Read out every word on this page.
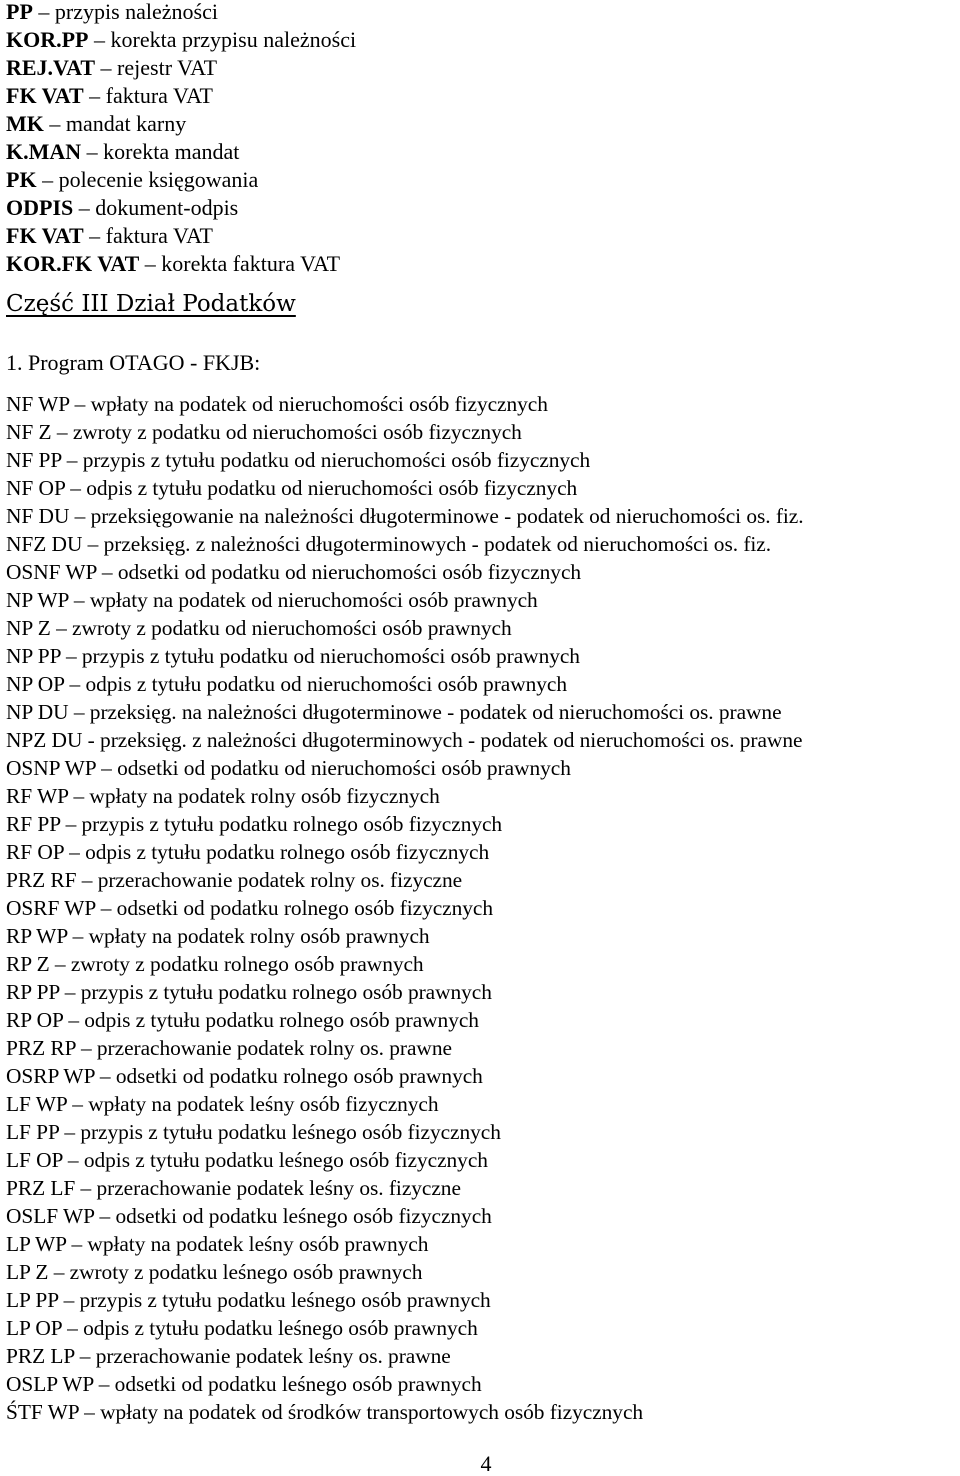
PP – przypis należności
KOR.PP – korekta przypisu należności
REJ.VAT – rejestr VAT
FK VAT – faktura VAT
MK – mandat karny
K.MAN – korekta mandat
PK – polecenie księgowania
ODPIS – dokument-odpis
FK VAT – faktura VAT
KOR.FK VAT – korekta faktura VAT
Część III Dział Podatków
1. Program OTAGO - FKJB:
NF WP – wpłaty na podatek od nieruchomości osób fizycznych
NF Z – zwroty z podatku od nieruchomości osób fizycznych
NF PP – przypis z tytułu podatku od nieruchomości osób fizycznych
NF OP – odpis z tytułu podatku od nieruchomości osób fizycznych
NF DU – przeksięgowanie na należności długoterminowe - podatek od nieruchomości os. fiz.
NFZ DU – przeksięg. z należności długoterminowych - podatek od nieruchomości os. fiz.
OSNF WP – odsetki od podatku od nieruchomości osób fizycznych
NP WP – wpłaty na podatek od nieruchomości osób prawnych
NP Z – zwroty z podatku od nieruchomości osób prawnych
NP PP – przypis z tytułu podatku od nieruchomości osób prawnych
NP OP – odpis z tytułu podatku od nieruchomości osób prawnych
NP DU – przeksięg. na należności długoterminowe - podatek od nieruchomości os. prawne
NPZ DU - przeksięg. z należności długoterminowych - podatek od nieruchomości os. prawne
OSNP WP – odsetki od podatku od nieruchomości osób prawnych
RF WP – wpłaty na podatek rolny osób fizycznych
RF PP – przypis z tytułu podatku rolnego osób fizycznych
RF OP – odpis z tytułu podatku rolnego osób fizycznych
PRZ RF – przerachowanie podatek rolny os. fizyczne
OSRF WP – odsetki od podatku rolnego osób fizycznych
RP WP – wpłaty na podatek rolny osób prawnych
RP Z – zwroty z podatku rolnego osób prawnych
RP PP – przypis z tytułu podatku rolnego osób prawnych
RP OP – odpis z tytułu podatku rolnego osób prawnych
PRZ RP – przerachowanie podatek rolny os. prawne
OSRP WP – odsetki od podatku rolnego osób prawnych
LF WP – wpłaty na podatek leśny osób fizycznych
LF PP – przypis z tytułu podatku leśnego osób fizycznych
LF OP – odpis z tytułu podatku leśnego osób fizycznych
PRZ LF – przerachowanie podatek leśny os. fizyczne
OSLF WP – odsetki od podatku leśnego osób fizycznych
LP WP – wpłaty na podatek leśny osób prawnych
LP Z – zwroty z podatku leśnego osób prawnych
LP PP – przypis z tytułu podatku leśnego osób prawnych
LP OP – odpis z tytułu podatku leśnego osób prawnych
PRZ LP – przerachowanie podatek leśny os. prawne
OSLP WP – odsetki od podatku leśnego osób prawnych
ŚTF WP – wpłaty na podatek od środków transportowych osób fizycznych
4
